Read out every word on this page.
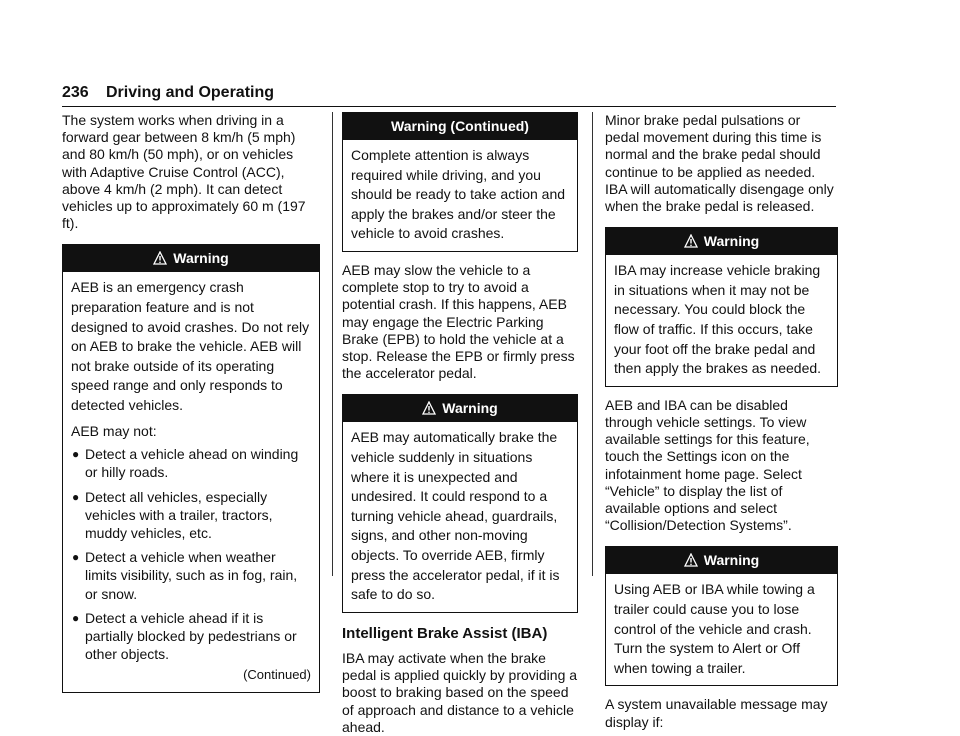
236 Driving and Operating

The system works when driving in a forward gear between 8 km/h (5 mph) and 80 km/h (50 mph), or on vehicles with Adaptive Cruise Control (ACC), above 4 km/h (2 mph). It can detect vehicles up to approximately 60 m (197 ft).

Warning

AEB is an emergency crash preparation feature and is not designed to avoid crashes. Do not rely on AEB to brake the vehicle. AEB will not brake outside of its operating speed range and only responds to detected vehicles.

AEB may not:

● Detect a vehicle ahead on winding or hilly roads.
● Detect all vehicles, especially vehicles with a trailer, tractors, muddy vehicles, etc.
● Detect a vehicle when weather limits visibility, such as in fog, rain, or snow.
● Detect a vehicle ahead if it is partially blocked by pedestrians or other objects.
(Continued)
Warning (Continued)

Complete attention is always required while driving, and you should be ready to take action and apply the brakes and/or steer the vehicle to avoid crashes.

AEB may slow the vehicle to a complete stop to try to avoid a potential crash. If this happens, AEB may engage the Electric Parking Brake (EPB) to hold the vehicle at a stop. Release the EPB or firmly press the accelerator pedal.

Warning

AEB may automatically brake the vehicle suddenly in situations where it is unexpected and undesired. It could respond to a turning vehicle ahead, guardrails, signs, and other non-moving objects. To override AEB, firmly press the accelerator pedal, if it is safe to do so.

Intelligent Brake Assist (IBA)

IBA may activate when the brake pedal is applied quickly by providing a boost to braking based on the speed of approach and distance to a vehicle ahead.

Minor brake pedal pulsations or pedal movement during this time is normal and the brake pedal should continue to be applied as needed. IBA will automatically disengage only when the brake pedal is released.

Warning

IBA may increase vehicle braking in situations when it may not be necessary. You could block the flow of traffic. If this occurs, take your foot off the brake pedal and then apply the brakes as needed.

AEB and IBA can be disabled through vehicle settings. To view available settings for this feature, touch the Settings icon on the infotainment home page. Select “Vehicle” to display the list of available options and select “Collision/Detection Systems”.

Warning

Using AEB or IBA while towing a trailer could cause you to lose control of the vehicle and crash. Turn the system to Alert or Off when towing a trailer.

A system unavailable message may display if:
